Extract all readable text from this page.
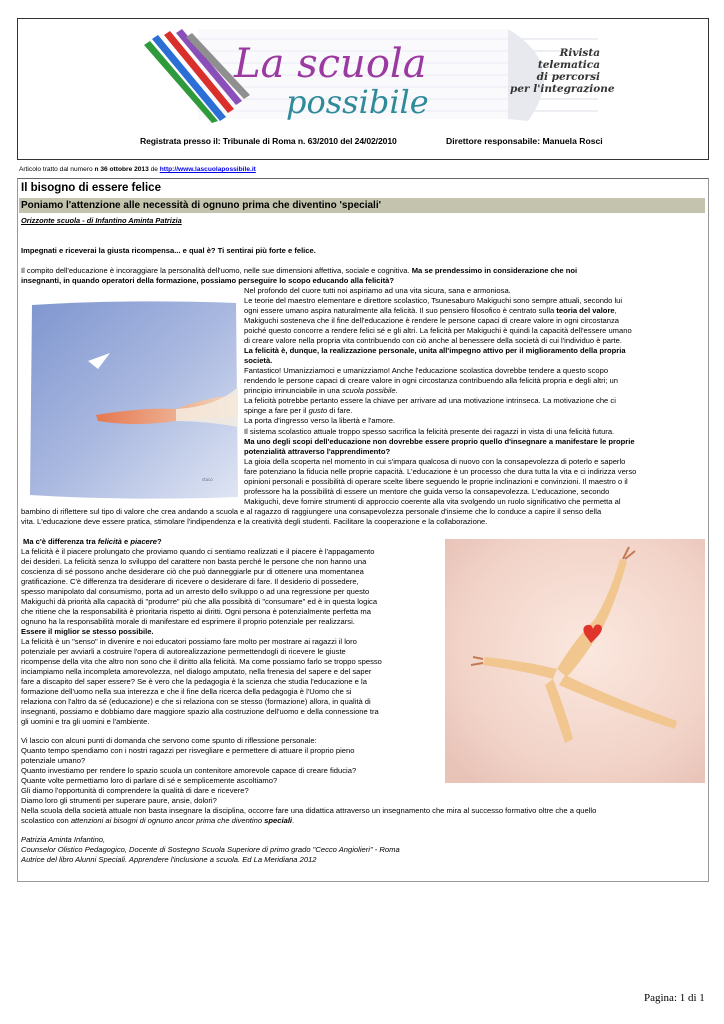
La scuola
possibile
Rivista
telematica
di percorsi
per l'integrazione
Registrata presso il: Tribunale di Roma n. 63/2010 del 24/02/2010	Direttore responsabile: Manuela Rosci
Articolo tratto dal numero n 36 ottobre 2013 de http://www.lascuolapossibile.it
Il bisogno di essere felice
Poniamo l'attenzione alle necessità di ognuno prima che diventino 'speciali'
Orizzonte scuola - di Infantino Aminta Patrizia
staco
Impegnati e riceverai la giusta ricompensa... e qual è? Ti sentirai più forte e felice.
Il compito dell'educazione è incoraggiare la personalità dell'uomo, nelle sue dimensioni affettiva, sociale e cognitiva. Ma se prendessimo in considerazione che noi
insegnanti, in quando operatori della formazione, possiamo perseguire lo scopo educando alla felicità?
Nel profondo del cuore tutti noi aspiriamo ad una vita sicura, sana e armoniosa.
Le teorie del maestro elementare e direttore scolastico, Tsunesaburo Makiguchi sono sempre attuali, secondo lui
ogni essere umano aspira naturalmente alla felicità. Il suo pensiero filosofico è centrato sulla teoria del valore,
Makiguchi sosteneva che il fine dell'educazione è rendere le persone capaci di creare valore in ogni circostanza
poiché questo concorre a rendere felici sé e gli altri. La felicità per Makiguchi è quindi la capacità dell'essere umano
di creare valore nella propria vita contribuendo con ciò anche al benessere della società di cui l'individuo è parte.
La felicità è, dunque, la realizzazione personale, unita all'impegno attivo per il miglioramento della propria
società.
Fantastico! Umanizziamoci e umanizziamo! Anche l'educazione scolastica dovrebbe tendere a questo scopo
rendendo le persone capaci di creare valore in ogni circostanza contribuendo alla felicità propria e degli altri; un
principio irrinunciabile in una scuola possibile.
La felicità potrebbe pertanto essere la chiave per arrivare ad una motivazione intrinseca. La motivazione che ci
spinge a fare per il gusto di fare.
La porta d'ingresso verso la libertà e l'amore.
Il sistema scolastico attuale troppo spesso sacrifica la felicità presente dei ragazzi in vista di una felicità futura.
Ma uno degli scopi dell'educazione non dovrebbe essere proprio quello d'insegnare a manifestare le proprie
potenzialità attraverso l'apprendimento?
La gioia della scoperta nel momento in cui s'impara qualcosa di nuovo con la consapevolezza di poterlo e saperlo
fare potenziano la fiducia nelle proprie capacità. L'educazione è un processo che dura tutta la vita e ci indirizza verso
opinioni personali e possibilità di operare scelte libere seguendo le proprie inclinazioni e convinzioni. Il maestro o il
professore ha la possibilità di essere un mentore che guida verso la consapevolezza. L'educazione, secondo
Makiguchi, deve fornire strumenti di approccio coerente alla vita svolgendo un ruolo significativo che permetta al
bambino di riflettere sul tipo di valore che crea andando a scuola e al ragazzo di raggiungere una consapevolezza personale d'insieme che lo conduce a capire il senso della
vita. L'educazione deve essere pratica, stimolare l'indipendenza e la creatività degli studenti. Facilitare la cooperazione e la collaborazione.
Ma c'è differenza tra felicità e piacere?
La felicità è il piacere prolungato che proviamo quando ci sentiamo realizzati e il piacere è l'appagamento
dei desideri. La felicità senza lo sviluppo del carattere non basta perché le persone che non hanno una
coscienza di sé possono anche desiderare ciò che può danneggiarle pur di ottenere una momentanea
gratificazione. C'è differenza tra desiderare di ricevere o desiderare di fare. Il desiderio di possedere,
spesso manipolato dal consumismo, porta ad un arresto dello sviluppo o ad una regressione per questo
Makiguchi dà priorità alla capacità di "produrre" più che alla possibità di "consumare" ed è in questa logica
che ritiene che la responsabilità è prioritaria rispetto ai diritti. Ogni persona è potenzialmente perfetta ma
ognuno ha la responsabilità morale di manifestare ed esprimere il proprio potenziale per realizzarsi.
Essere il miglior se stesso possibile.
La felicità è un "senso" in divenire e noi educatori possiamo fare molto per mostrare ai ragazzi il loro
potenziale per avviarli a costruire l'opera di autorealizzazione permettendogli di ricevere le giuste
ricompense della vita che altro non sono che il diritto alla felicità. Ma come possiamo farlo se troppo spesso
inciampiamo nella incompleta amorevolezza, nel dialogo amputato, nella frenesia del sapere e del saper
fare a discapito del saper essere? Se è vero che la pedagogia è la scienza che studia l'educazione e la
formazione dell'uomo nella sua interezza e che il fine della ricerca della pedagogia è l'Uomo che si
relaziona con l'altro da sé (educazione) e che si relaziona con se stesso (formazione) allora, in qualità di
insegnanti, possiamo e dobbiamo dare maggiore spazio alla costruzione dell'uomo e della connessione tra
gli uomini e tra gli uomini e l'ambiente.
Vi lascio con alcuni punti di domanda che servono come spunto di riflessione personale:
Quanto tempo spendiamo con i nostri ragazzi per risvegliare e permettere di attuare il proprio pieno
potenziale umano?
Quanto investiamo per rendere lo spazio scuola un contenitore amorevole capace di creare fiducia?
Quante volte permettiamo loro di parlare di sé e semplicemente ascoltiamo?
Gli diamo l'opportunità di comprendere la qualità di dare e ricevere?
Diamo loro gli strumenti per superare paure, ansie, dolori?
Nella scuola della società attuale non basta insegnare la disciplina, occorre fare una didattica attraverso un insegnamento che mira al successo formativo oltre che a quello
scolastico con attenzioni ai bisogni di ognuno ancor prima che diventino speciali.
Patrizia Aminta Infantino,
Counselor Olistico Pedagogico, Docente di Sostegno Scuola Superiore di primo grado "Cecco Angiolieri" - Roma
Autrice del libro Alunni Speciali. Apprendere l'inclusione a scuola. Ed La Meridiana 2012
Pagina: 1 di 1
